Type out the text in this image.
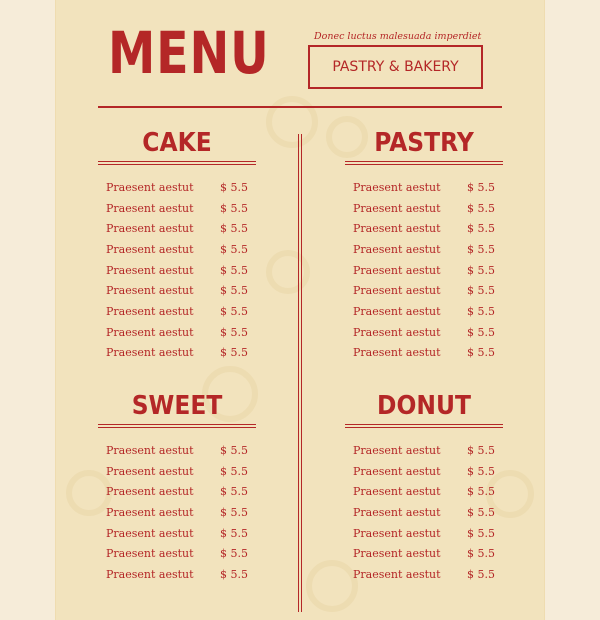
MENU	Donec luctus malesuada imperdiet
PASTRY & BAKERY
CAKE
Praesent aestut $ 5.5
Praesent aestut $ 5.5
Praesent aestut $ 5.5
Praesent aestut $ 5.5
Praesent aestut $ 5.5
Praesent aestut $ 5.5
Praesent aestut $ 5.5
Praesent aestut $ 5.5
Praesent aestut $ 5.5
PASTRY
Praesent aestut $ 5.5
Praesent aestut $ 5.5
Praesent aestut $ 5.5
Praesent aestut $ 5.5
Praesent aestut $ 5.5
Praesent aestut $ 5.5
Praesent aestut $ 5.5
Praesent aestut $ 5.5
Praesent aestut $ 5.5
SWEET
Praesent aestut $ 5.5
Praesent aestut $ 5.5
Praesent aestut $ 5.5
Praesent aestut $ 5.5
Praesent aestut $ 5.5
Praesent aestut $ 5.5
Praesent aestut $ 5.5
DONUT
Praesent aestut $ 5.5
Praesent aestut $ 5.5
Praesent aestut $ 5.5
Praesent aestut $ 5.5
Praesent aestut $ 5.5
Praesent aestut $ 5.5
Praesent aestut $ 5.5
